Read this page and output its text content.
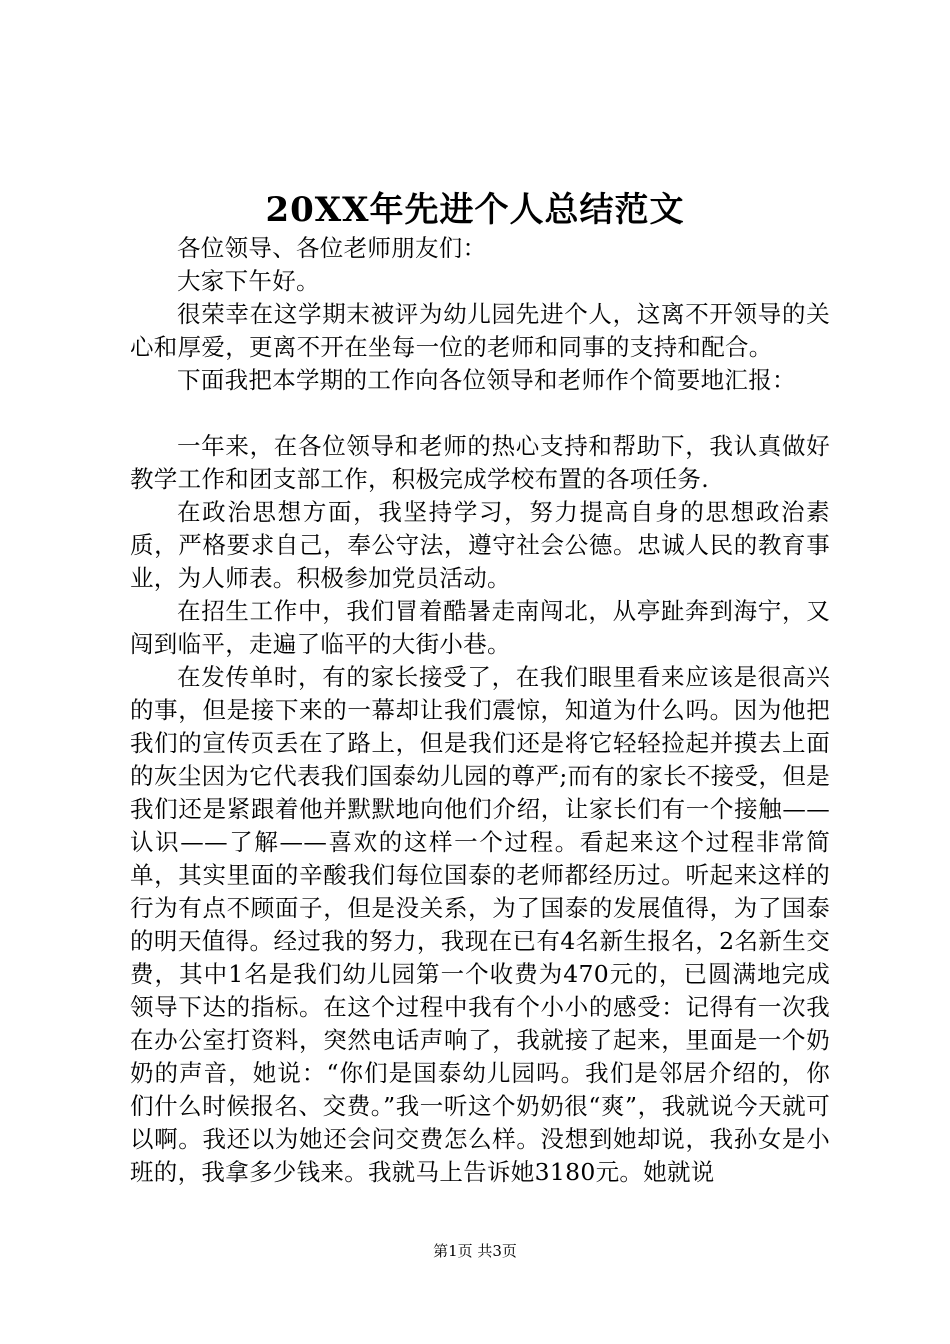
20XX年先进个人总结范文

各位领导、各位老师朋友们：

大家下午好。

很荣幸在这学期末被评为幼儿园先进个人，这离不开领导的关心和厚爱，更离不开在坐每一位的老师和同事的支持和配合。

下面我把本学期的工作向各位领导和老师作个简要地汇报：

一年来，在各位领导和老师的热心支持和帮助下，我认真做好教学工作和团支部工作，积极完成学校布置的各项任务.

在政治思想方面，我坚持学习，努力提高自身的思想政治素质，严格要求自己，奉公守法，遵守社会公德。忠诚人民的教育事业，为人师表。积极参加党员活动。

在招生工作中，我们冒着酷暑走南闯北，从亭趾奔到海宁，又闯到临平，走遍了临平的大街小巷。

在发传单时，有的家长接受了，在我们眼里看来应该是很高兴的事，但是接下来的一幕却让我们震惊，知道为什么吗。因为他把我们的宣传页丢在了路上，但是我们还是将它轻轻捡起并摸去上面的灰尘因为它代表我们国泰幼儿园的尊严;而有的家长不接受，但是我们还是紧跟着他并默默地向他们介绍，让家长们有一个接触——认识——了解——喜欢的这样一个过程。看起来这个过程非常简单，其实里面的辛酸我们每位国泰的老师都经历过。听起来这样的行为有点不顾面子，但是没关系，为了国泰的发展值得，为了国泰的明天值得。经过我的努力，我现在已有4名新生报名，2名新生交费，其中1名是我们幼儿园第一个收费为470元的，已圆满地完成领导下达的指标。在这个过程中我有个小小的感受：记得有一次我在办公室打资料，突然电话声响了，我就接了起来，里面是一个奶奶的声音，她说：“你们是国泰幼儿园吗。我们是邻居介绍的，你们什么时候报名、交费。”我一听这个奶奶很“爽”，我就说今天就可以啊。我还以为她还会问交费怎么样。没想到她却说，我孙女是小班的，我拿多少钱来。我就马上告诉她3180元。她就说

第1页 共3页
